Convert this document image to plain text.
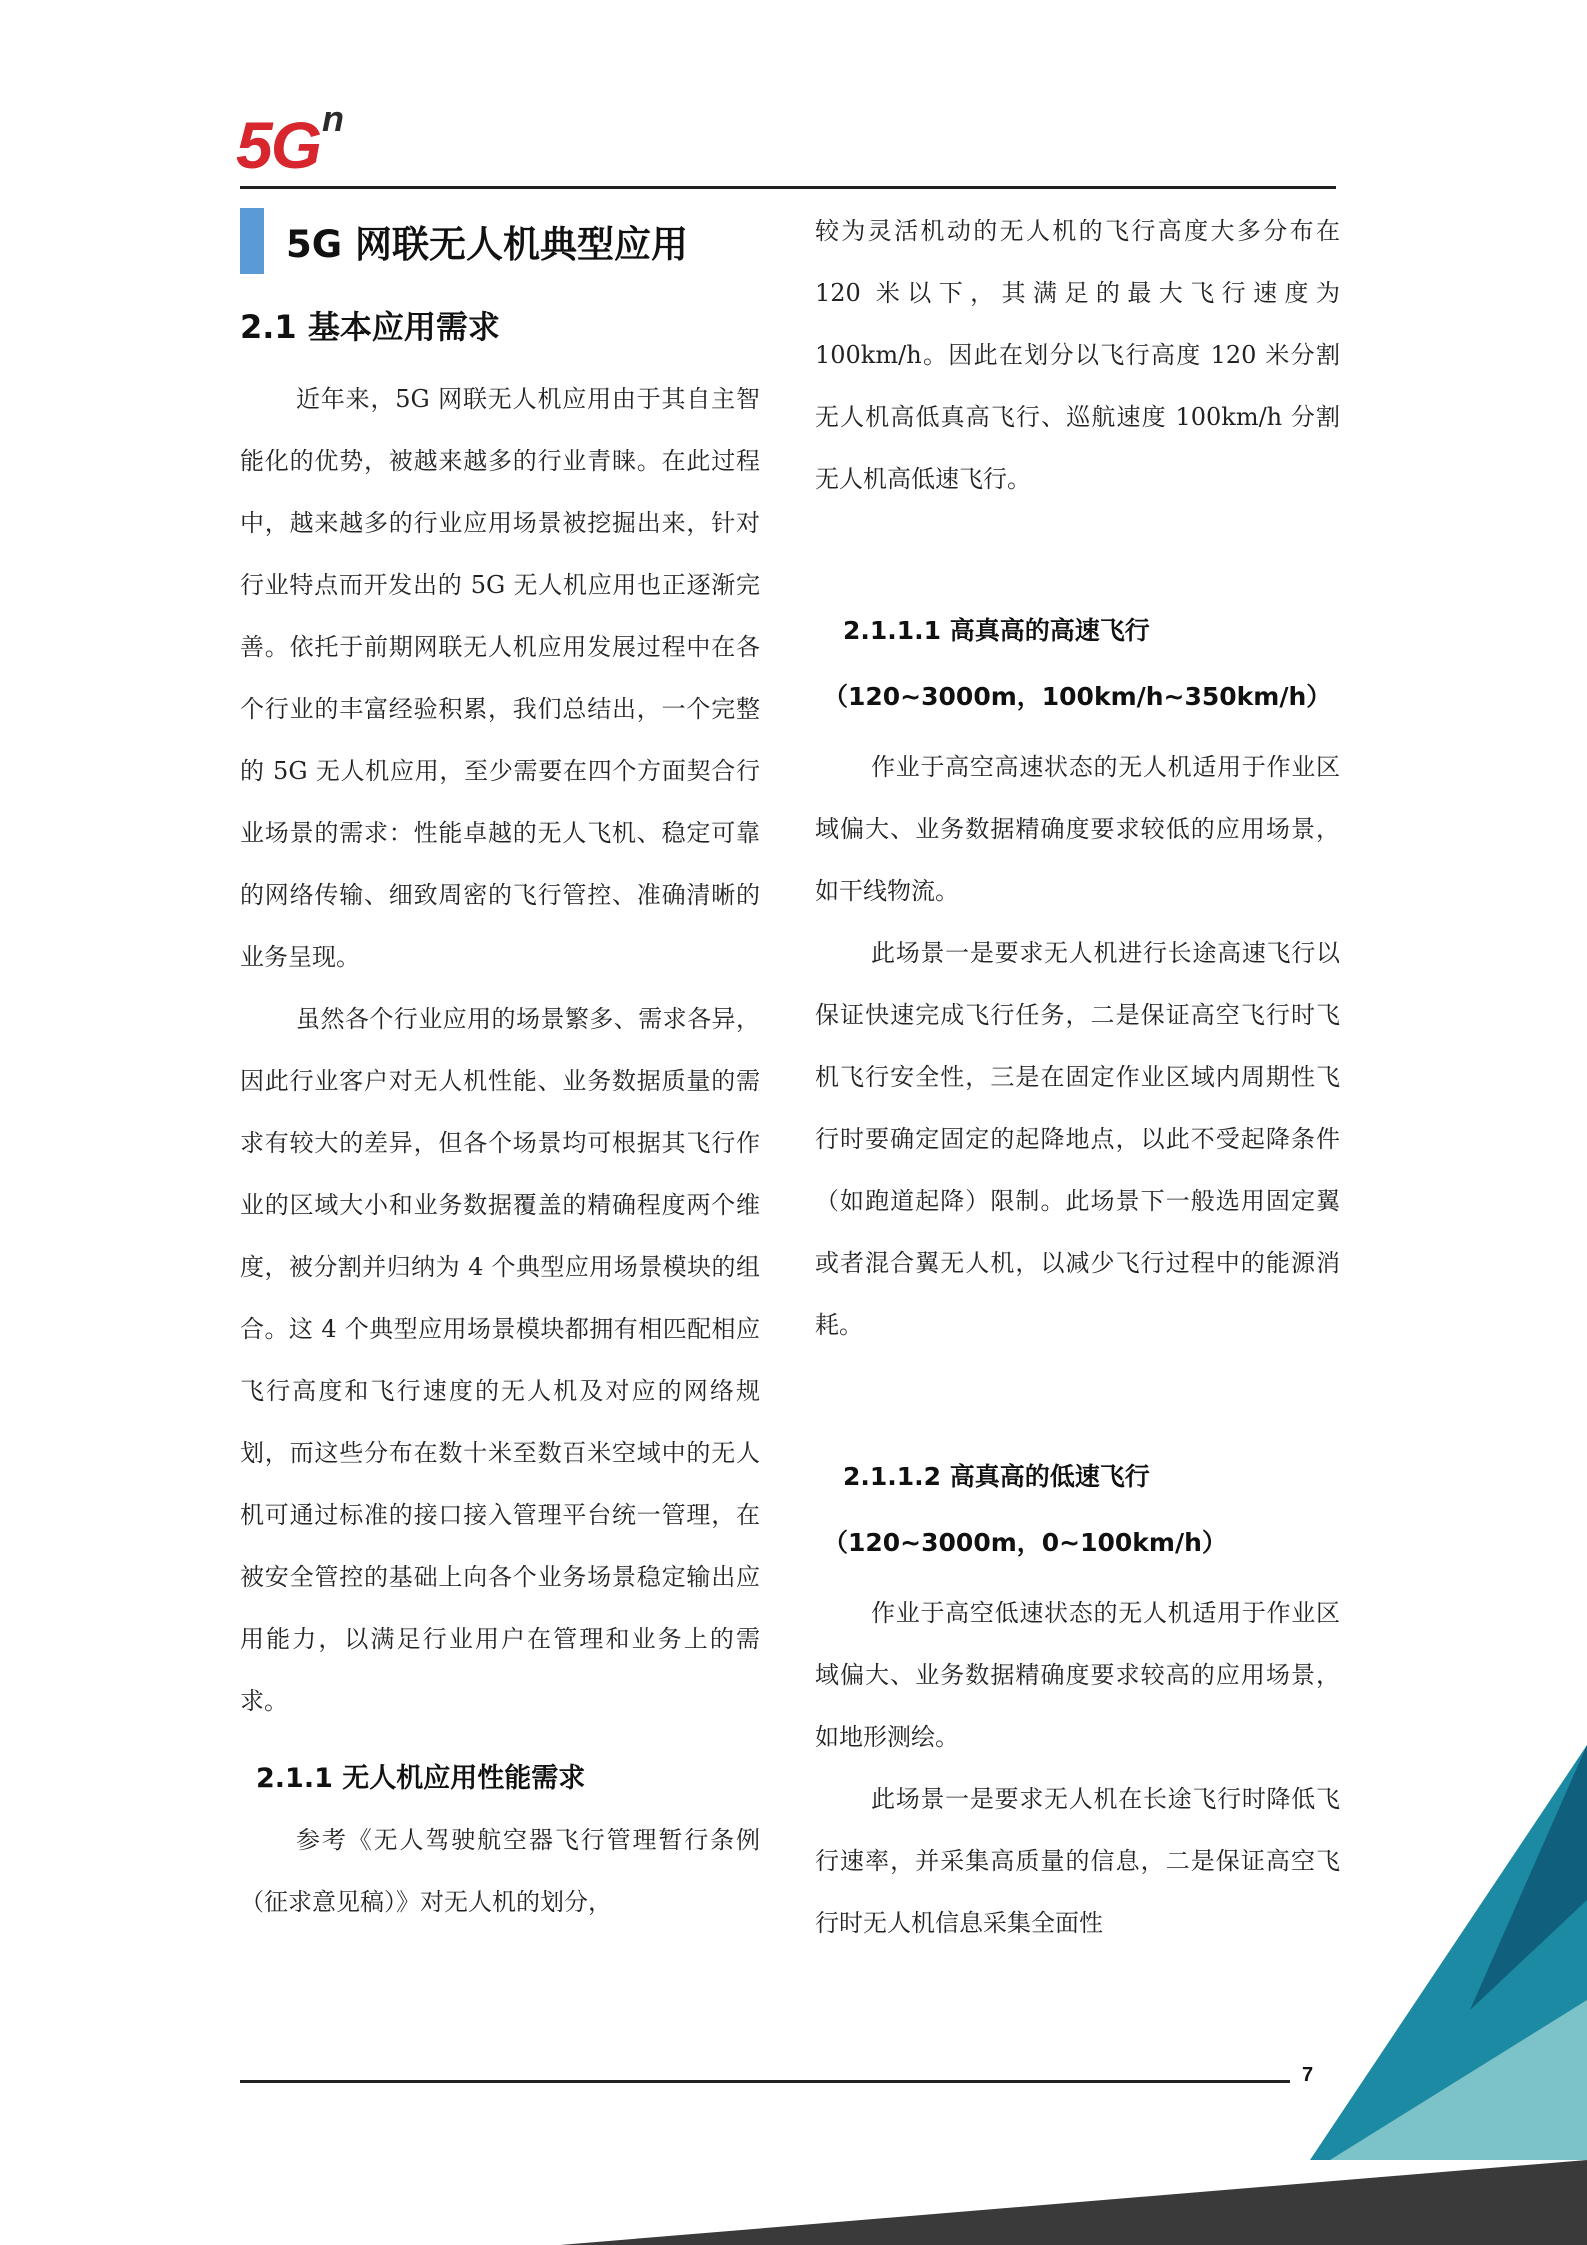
$5G^n$
5G 网联无人机典型应用
2.1 基本应用需求

近年来，5G 网联无人机应用由于其自主智能化的优势，被越来越多的行业青睐。在此过程中，越来越多的行业应用场景被挖掘出来，针对行业特点而开发出的 5G 无人机应用也正逐渐完善。依托于前期网联无人机应用发展过程中在各个行业的丰富经验积累，我们总结出，一个完整的 5G 无人机应用，至少需要在四个方面契合行业场景的需求：性能卓越的无人飞机、稳定可靠的网络传输、细致周密的飞行管控、准确清晰的业务呈现。

虽然各个行业应用的场景繁多、需求各异，因此行业客户对无人机性能、业务数据质量的需求有较大的差异，但各个场景均可根据其飞行作业的区域大小和业务数据覆盖的精确程度两个维度，被分割并归纳为 4 个典型应用场景模块的组合。这 4 个典型应用场景模块都拥有相匹配相应飞行高度和飞行速度的无人机及对应的网络规划，而这些分布在数十米至数百米空域中的无人机可通过标准的接口接入管理平台统一管理，在被安全管控的基础上向各个业务场景稳定输出应用能力，以满足行业用户在管理和业务上的需求。

2.1.1 无人机应用性能需求

参考《无人驾驶航空器飞行管理暂行条例（征求意见稿）》对无人机的划分，

较为灵活机动的无人机的飞行高度大多分布在 120 米以下，其满足的最大飞行速度为 100km/h。因此在划分以飞行高度 120 米分割无人机高低真高飞行、巡航速度 100km/h 分割无人机高低速飞行。

2.1.1.1 高真高的高速飞行
（120~3000m，100km/h~350km/h）

作业于高空高速状态的无人机适用于作业区域偏大、业务数据精确度要求较低的应用场景，如干线物流。

此场景一是要求无人机进行长途高速飞行以保证快速完成飞行任务，二是保证高空飞行时飞机飞行安全性，三是在固定作业区域内周期性飞行时要确定固定的起降地点，以此不受起降条件（如跑道起降）限制。此场景下一般选用固定翼或者混合翼无人机，以减少飞行过程中的能源消耗。

2.1.1.2 高真高的低速飞行
（120~3000m，0~100km/h）

作业于高空低速状态的无人机适用于作业区域偏大、业务数据精确度要求较高的应用场景，如地形测绘。

此场景一是要求无人机在长途飞行时降低飞行速率，并采集高质量的信息，二是保证高空飞行时无人机信息采集全面性

7
